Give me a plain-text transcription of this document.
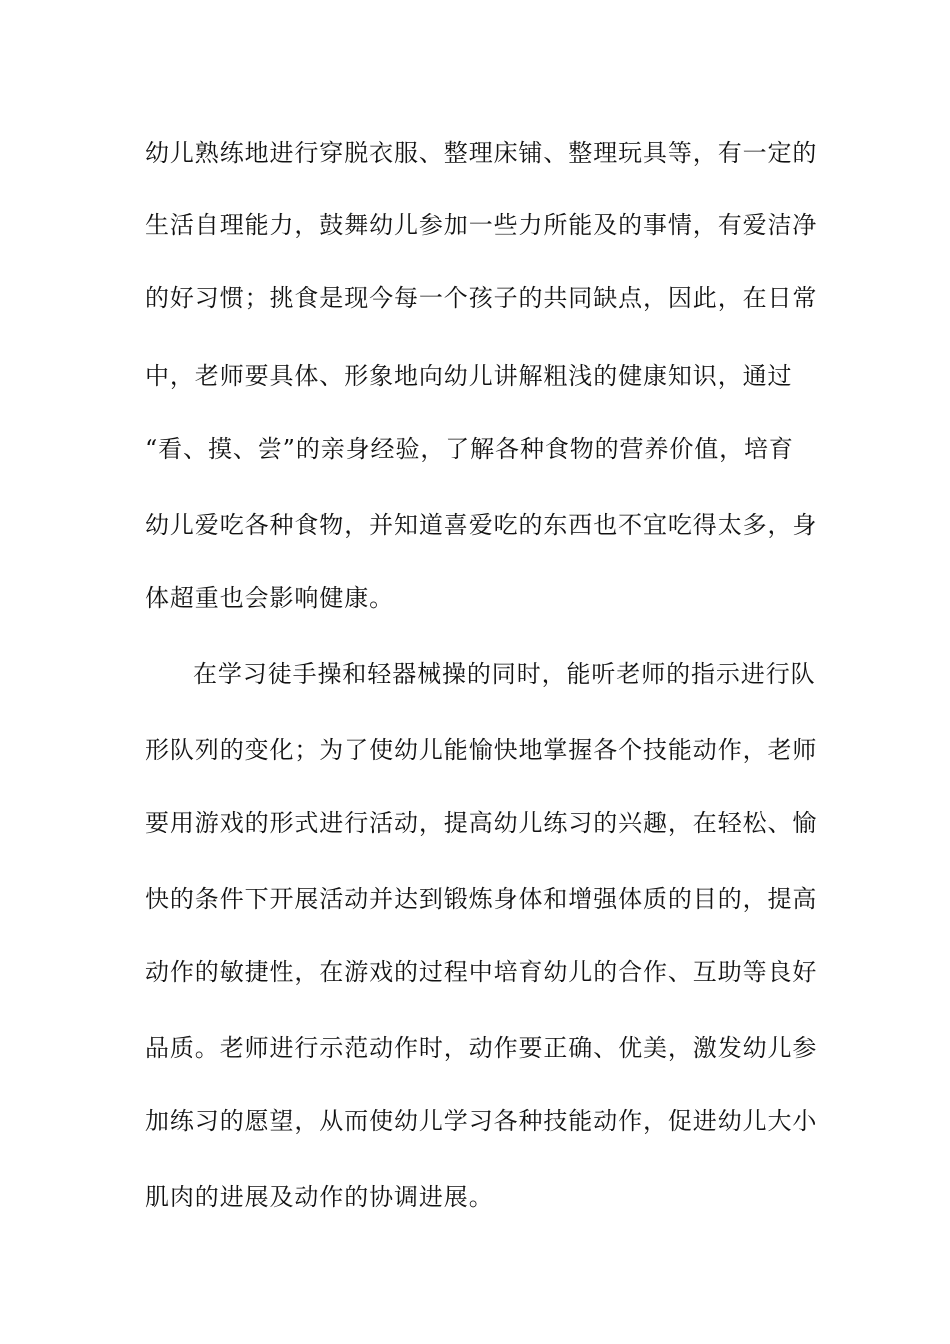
幼儿熟练地进行穿脱衣服、整理床铺、整理玩具等，有一定的
生活自理能力，鼓舞幼儿参加一些力所能及的事情，有爱洁净
的好习惯；挑食是现今每一个孩子的共同缺点，因此，在日常
中，老师要具体、形象地向幼儿讲解粗浅的健康知识，通过
“看、摸、尝”的亲身经验，了解各种食物的营养价值，培育
幼儿爱吃各种食物，并知道喜爱吃的东西也不宜吃得太多，身
体超重也会影响健康。
在学习徒手操和轻器械操的同时，能听老师的指示进行队
形队列的变化；为了使幼儿能愉快地掌握各个技能动作，老师
要用游戏的形式进行活动，提高幼儿练习的兴趣，在轻松、愉
快的条件下开展活动并达到锻炼身体和增强体质的目的，提高
动作的敏捷性，在游戏的过程中培育幼儿的合作、互助等良好
品质。老师进行示范动作时，动作要正确、优美，激发幼儿参
加练习的愿望，从而使幼儿学习各种技能动作，促进幼儿大小
肌肉的进展及动作的协调进展。
